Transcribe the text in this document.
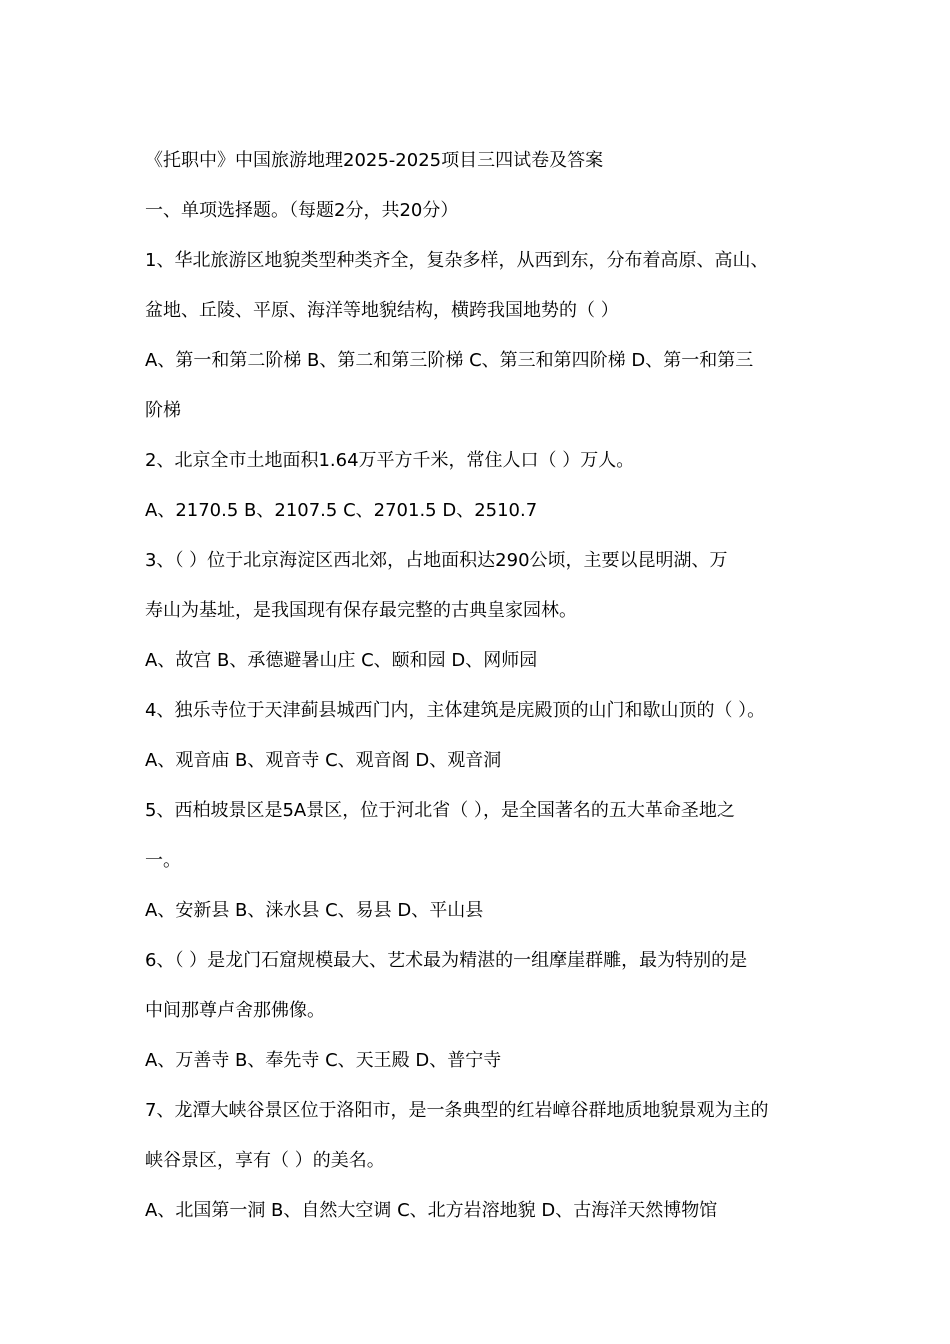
《托职中》中国旅游地理2025-2025项目三四试卷及答案
一、单项选择题。（每题2分，共20分）
1、华北旅游区地貌类型种类齐全，复杂多样，从西到东，分布着高原、高山、
盆地、丘陵、平原、海洋等地貌结构，横跨我国地势的（ ）
A、第一和第二阶梯 B、第二和第三阶梯 C、第三和第四阶梯 D、第一和第三
阶梯
2、北京全市土地面积1.64万平方千米，常住人口（ ）万人。
A、2170.5 B、2107.5 C、2701.5 D、2510.7
3、（ ）位于北京海淀区西北郊，占地面积达290公顷，主要以昆明湖、万
寿山为基址，是我国现有保存最完整的古典皇家园林。
A、故宫 B、承德避暑山庄 C、颐和园 D、网师园
4、独乐寺位于天津蓟县城西门内，主体建筑是庑殿顶的山门和歇山顶的（ ）。
A、观音庙 B、观音寺 C、观音阁 D、观音洞
5、西柏坡景区是5A景区，位于河北省（ ），是全国著名的五大革命圣地之
一。
A、安新县 B、涞水县 C、易县 D、平山县
6、（ ）是龙门石窟规模最大、艺术最为精湛的一组摩崖群雕，最为特别的是
中间那尊卢舍那佛像。
A、万善寺 B、奉先寺 C、天王殿 D、普宁寺
7、龙潭大峡谷景区位于洛阳市，是一条典型的红岩嶂谷群地质地貌景观为主的
峡谷景区，享有（ ）的美名。
A、北国第一洞 B、自然大空调 C、北方岩溶地貌 D、古海洋天然博物馆
